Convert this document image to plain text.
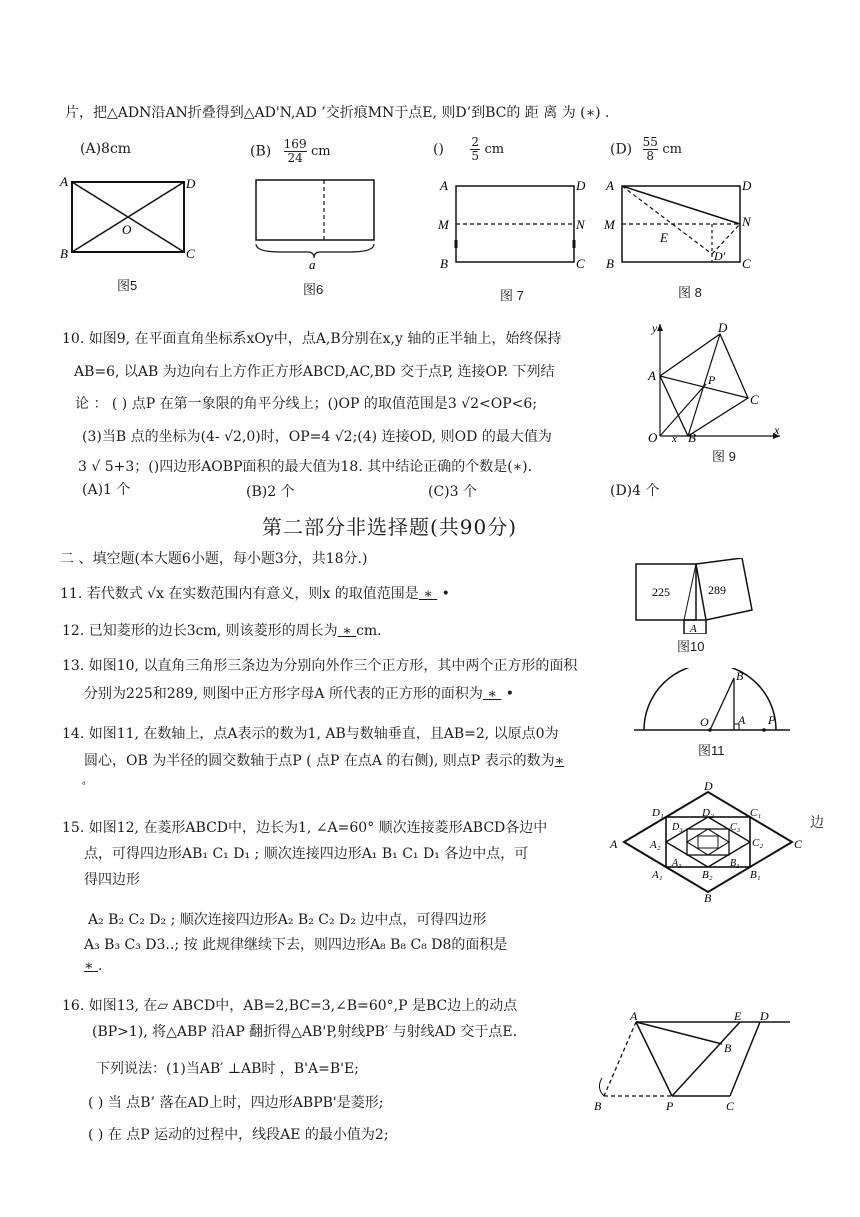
片，把△ADN沿AN折叠得到△AD'N,AD ’交折痕MN于点E, 则D’到BC的 距 离 为 (∗) .
(A)8cm	$(B) \frac{169}{24}$ cm	() $\frac{2}{5}$ cm	$(D) \frac{55}{8}$ cm
A	D
B	C
O
图5
a
图6
A	D
M	N
B	C
图 7
A	D
M	N
E
B	C
D'
图 8
10. 如图9, 在平面直角坐标系xOy中，点A,B分别在x,y 轴的正半轴上，始终保持
AB=6, 以AB 为边向右上方作正方形ABCD,AC,BD 交于点P, 连接OP. 下列结
论 ： ( ) 点P 在第一象限的角平分线上；()OP 的取值范围是3 √2<OP<6;
(3)当B 点的坐标为(4- √2,0)时，OP=4 √2;(4) 连接OD, 则OD 的最大值为
3 √ 5+3；()四边形AOBP面积的最大值为18. 其中结论正确的个数是(∗).
(A)1 个	(B)2 个	(C)3 个	(D)4 个
y
x
O
A
B
C
D
P
x
图 9
第二部分非选择题(共90分)
二 、填空题(本大题6小题，每小题3分，共18分.)
11. 若代数式 √x 在实数范围内有意义，则x 的取值范围是 ∗  •
12. 已知菱形的边长3cm, 则该菱形的周长为 ∗ cm.
13. 如图10, 以直角三角形三条边为分别向外作三个正方形，其中两个正方形的面积
分别为225和289, 则图中正方形字母A 所代表的正方形的面积为 ∗  •
225	289
A
图10
14. 如图11, 在数轴上，点A表示的数为1, AB与数轴垂直，且AB=2, 以原点0为
圆心，OB 为半径的圆交数轴于点P ( 点P 在点A 的右侧), 则点P 表示的数为∗
ᵃ
B
O A P
图11
15. 如图12, 在菱形ABCD中，边长为1, ∠A=60° 顺次连接菱形ABCD各边中
点，可得四边形AB₁ C₁ D₁ ; 顺次连接四边形A₁ B₁ C₁ D₁ 各边中点，可
得四边形
边
A₂ B₂ C₂ D₂ ; 顺次连接四边形A₂ B₂ C₂ D₂ 边中点，可得四边形
A₃ B₃ C₃ D3..; 按 此规律继续下去，则四边形A₈ B₈ C₈ D8的面积是
∗ .
D
A	C
B
D₁	C₁
A₁	B₁
D₂
A₂	C₂
B₂
D₃	C₃
A₃	B₃
16. 如图13, 在▱ ABCD中，AB=2,BC=3,∠B=60°,P 是BC边上的动点
(BP>1), 将△ABP 沿AP 翻折得△AB'P,射线PB′ 与射线AD 交于点E.
下列说法：(1)当AB′ ⊥AB时 ，B'A=B'E;
( ) 当 点B’ 落在AD上时，四边形ABPB'是菱形;
( ) 在 点P 运动的过程中，线段AE 的最小值为2;
A	E D
B
B	P	C
